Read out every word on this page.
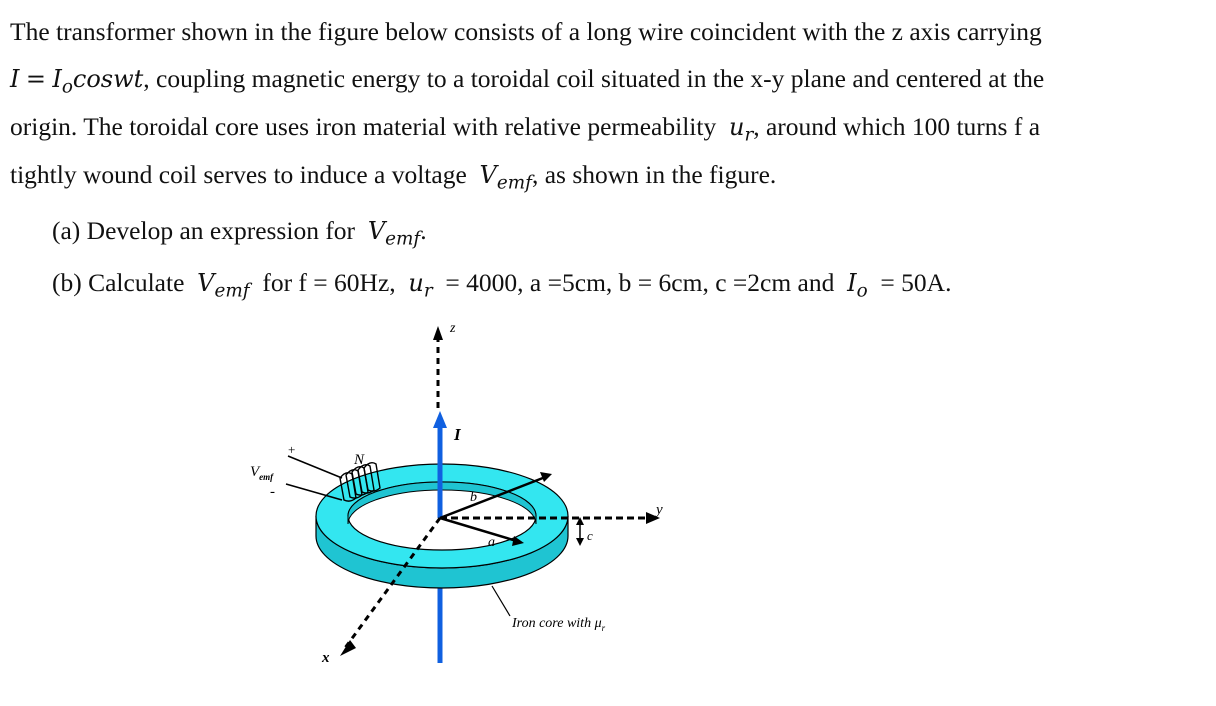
The transformer shown in the figure below consists of a long wire coincident with the z axis carrying
$I = I_ocoswt$, coupling magnetic energy to a toroidal coil situated in the x-y plane and centered at the
origin. The toroidal core uses iron material with relative permeability $u_r$, around which 100 turns f a
tightly wound coil serves to induce a voltage $V_{emf}$, as shown in the figure.
(a) Develop an expression for $V_{emf}$.
(b) Calculate $V_{emf}$ for f = 60Hz, $u_r = 4000$, a =5cm, b = 6cm, c =2cm and $I_o = 50A$.
z
I
y
x
b
a	c
N
+
-
$V_{emf}$
Iron core with $\mu_r$
